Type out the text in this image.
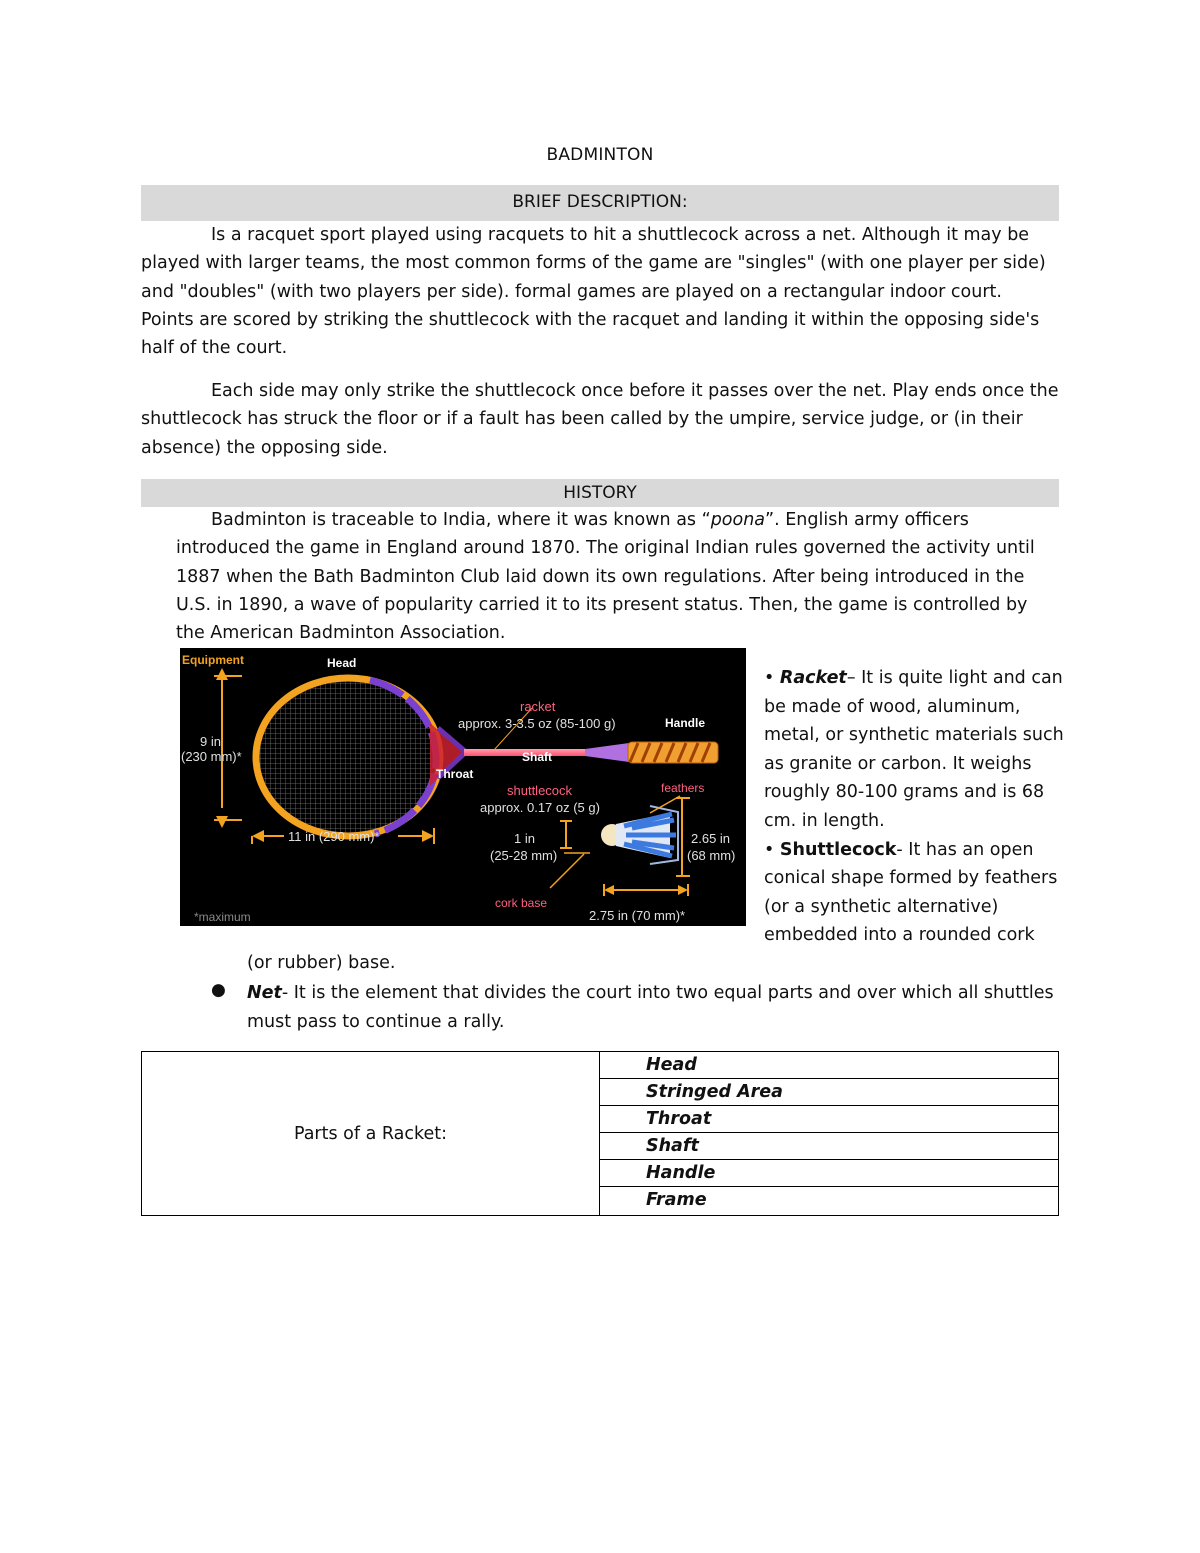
BADMINTON
BRIEF DESCRIPTION:

Is a racquet sport played using racquets to hit a shuttlecock across a net. Although it may be played with larger teams, the most common forms of the game are "singles" (with one player per side) and "doubles" (with two players per side). formal games are played on a rectangular indoor court. Points are scored by striking the shuttlecock with the racquet and landing it within the opposing side's half of the court.

Each side may only strike the shuttlecock once before it passes over the net. Play ends once the shuttlecock has struck the floor or if a fault has been called by the umpire, service judge, or (in their absence) the opposing side.

HISTORY

Badminton is traceable to India, where it was known as “poona”. English army officers introduced the game in England around 1870. The original Indian rules governed the activity until 1887 when the Bath Badminton Club laid down its own regulations. After being introduced in the U.S. in 1890, a wave of popularity carried it to its present status. Then, the game is controlled by the American Badminton Association.

Equipment	Head
racket
approx. 3-3.5 oz (85-100 g)	Handle
Shaft
Throat
9 in
(230 mm)*
11 in (290 mm)*
shuttlecock
approx. 0.17 oz (5 g)
feathers
1 in
(25-28 mm)
2.65 in
(68 mm)
cork base
2.75 in (70 mm)*
*maximum

• Racket– It is quite light and can be made of wood, aluminum, metal, or synthetic materials such as granite or carbon. It weighs roughly 80-100 grams and is 68 cm. in length.
• Shuttlecock- It has an open conical shape formed by feathers (or a synthetic alternative) embedded into a rounded cork

(or rubber) base.

● Net- It is the element that divides the court into two equal parts and over which all shuttles must pass to continue a rally.

Parts of a Racket:
Head
Stringed Area
Throat
Shaft
Handle
Frame
